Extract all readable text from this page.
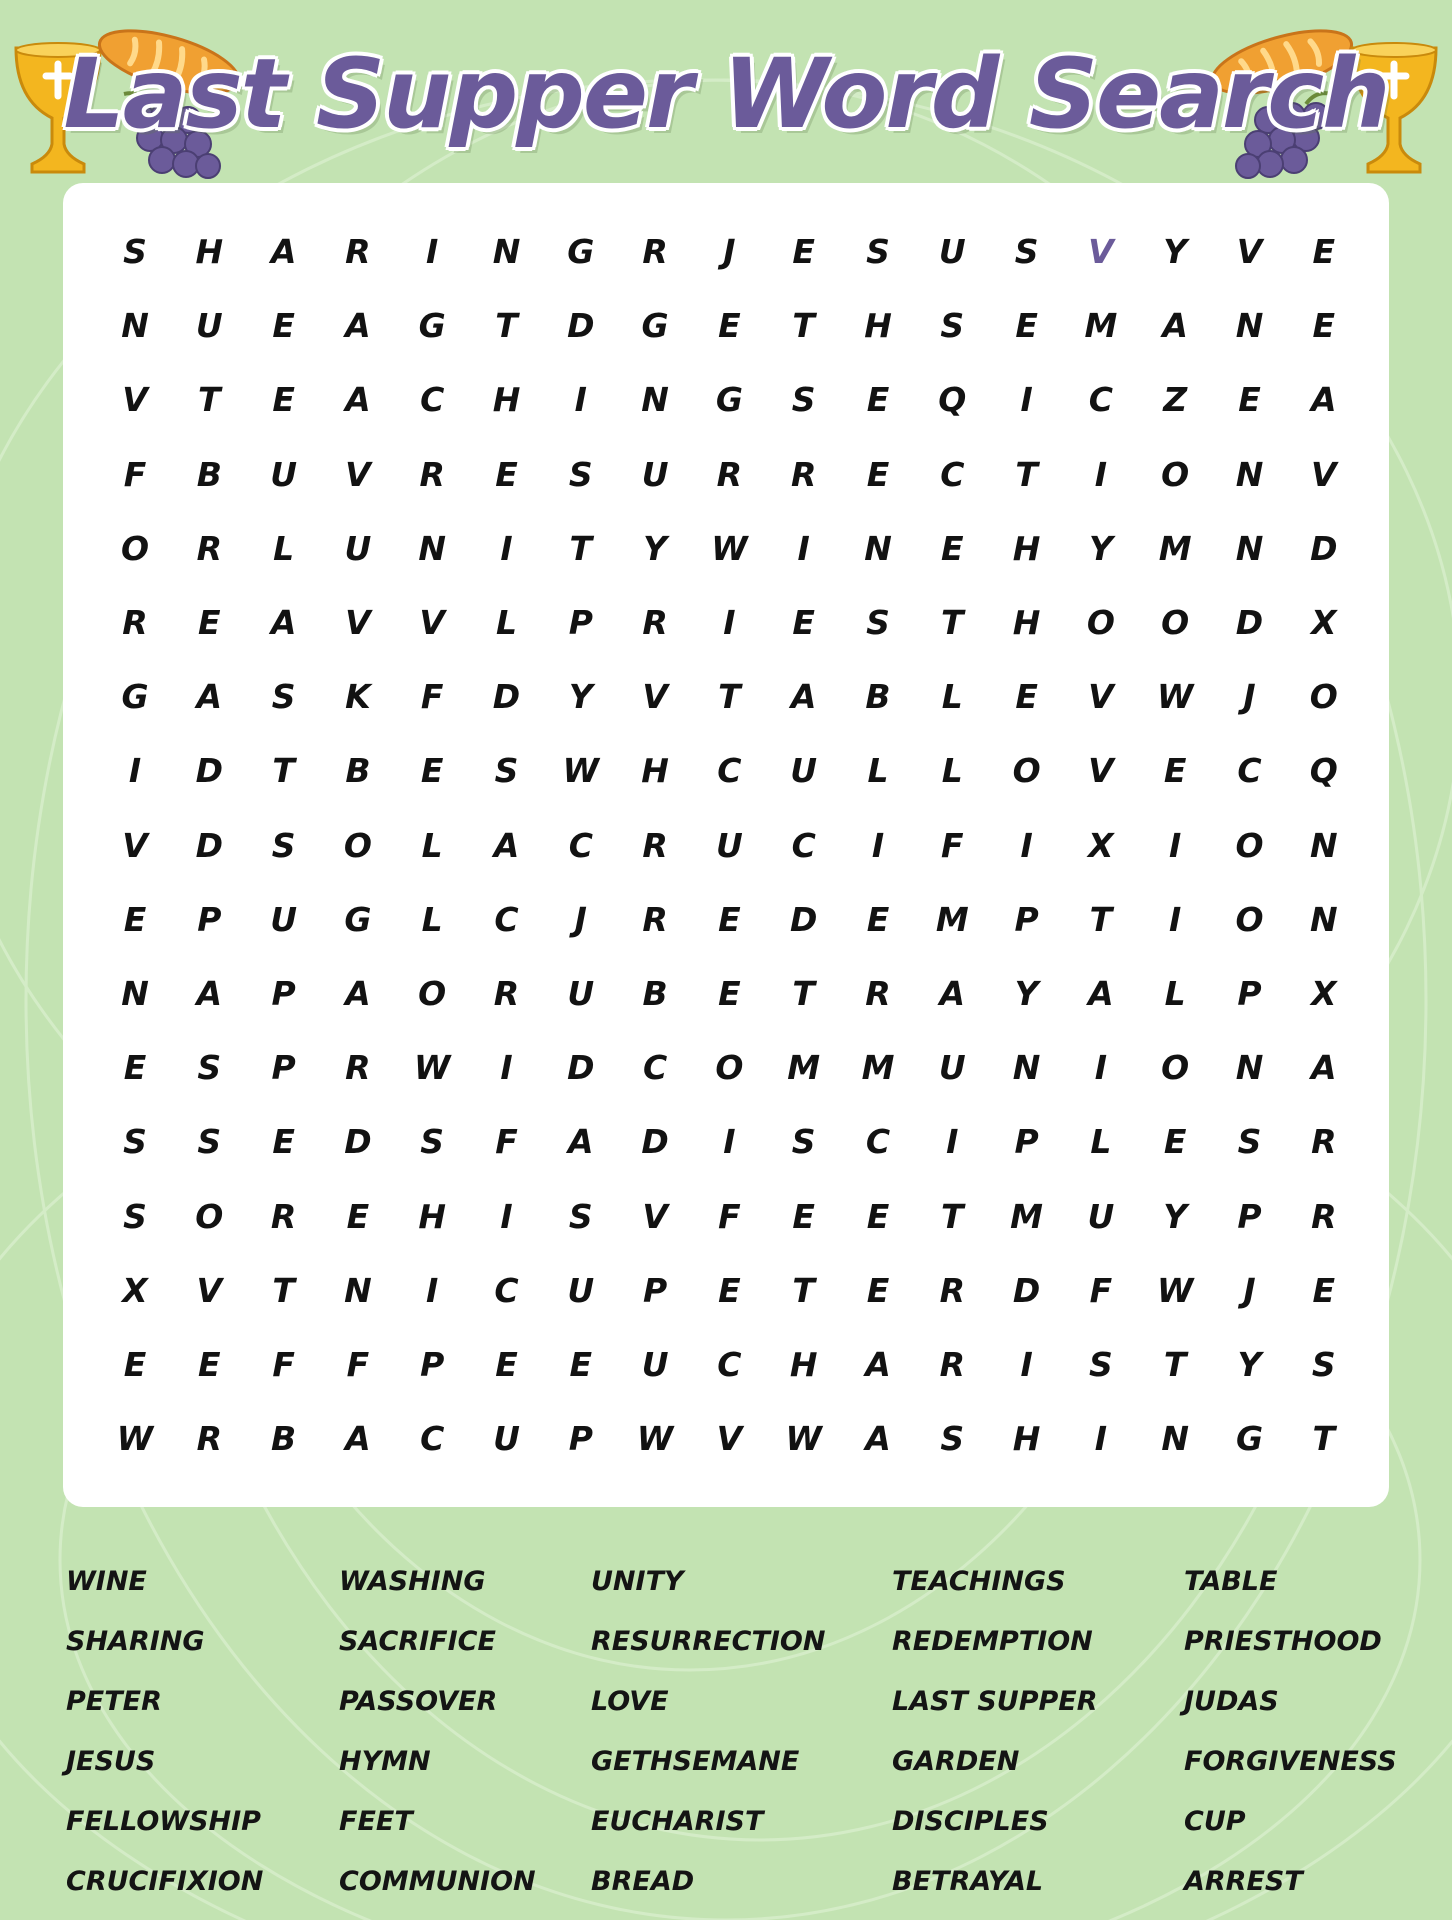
Last Supper Word Search
S	H	A	R	I	N	G	R	J	E	S	U	S	V	Y	V	E
N	U	E	A	G	T	D	G	E	T	H	S	E	M	A	N	E
V	T	E	A	C	H	I	N	G	S	E	Q	I	C	Z	E	A
F	B	U	V	R	E	S	U	R	R	E	C	T	I	O	N	V
O	R	L	U	N	I	T	Y	W	I	N	E	H	Y	M	N	D
R	E	A	V	V	L	P	R	I	E	S	T	H	O	O	D	X
G	A	S	K	F	D	Y	V	T	A	B	L	E	V	W	J	O
I	D	T	B	E	S	W	H	C	U	L	L	O	V	E	C	Q
V	D	S	O	L	A	C	R	U	C	I	F	I	X	I	O	N
E	P	U	G	L	C	J	R	E	D	E	M	P	T	I	O	N
N	A	P	A	O	R	U	B	E	T	R	A	Y	A	L	P	X
E	S	P	R	W	I	D	C	O	M	M	U	N	I	O	N	A
S	S	E	D	S	F	A	D	I	S	C	I	P	L	E	S	R
S	O	R	E	H	I	S	V	F	E	E	T	M	U	Y	P	R
X	V	T	N	I	C	U	P	E	T	E	R	D	F	W	J	E
E	E	F	F	P	E	E	U	C	H	A	R	I	S	T	Y	S
W	R	B	A	C	U	P	W	V	W	A	S	H	I	N	G	T
WINE
SHARING
PETER
JESUS
FELLOWSHIP
CRUCIFIXION
WASHING
SACRIFICE
PASSOVER
HYMN
FEET
COMMUNION
UNITY
RESURRECTION
LOVE
GETHSEMANE
EUCHARIST
BREAD
TEACHINGS
REDEMPTION
LAST SUPPER
GARDEN
DISCIPLES
BETRAYAL
TABLE
PRIESTHOOD
JUDAS
FORGIVENESS
CUP
ARREST
